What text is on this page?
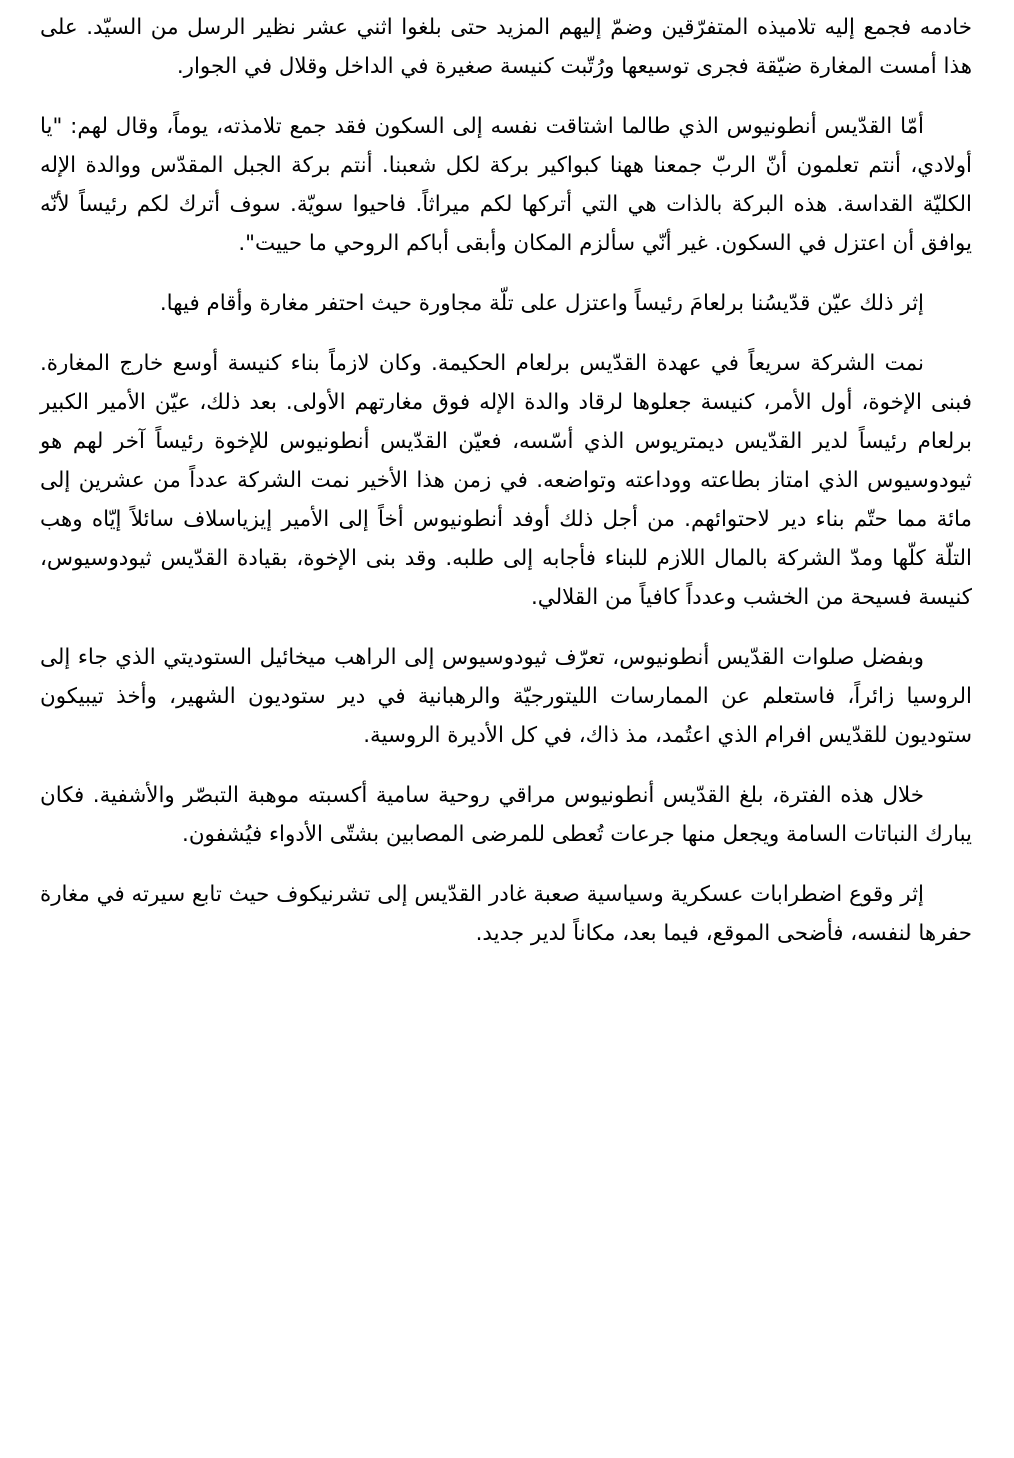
خادمه فجمع إليه تلاميذه المتفرّقين وضمّ إليهم المزيد حتى بلغوا اثني عشر نظير الرسل من السيّد. على هذا أمست المغارة ضيّقة فجرى توسيعها ورُتّبت كنيسة صغيرة في الداخل وقلال في الجوار.

أمّا القدّيس أنطونيوس الذي طالما اشتاقت نفسه إلى السكون فقد جمع تلامذته، يوماً، وقال لهم: "يا أولادي، أنتم تعلمون أنّ الربّ جمعنا ههنا كبواكير بركة لكل شعبنا. أنتم بركة الجبل المقدّس ووالدة الإله الكليّة القداسة. هذه البركة بالذات هي التي أتركها لكم ميراثاً. فاحيوا سويّة. سوف أترك لكم رئيساً لأنّه يوافق أن اعتزل في السكون. غير أنّي سألزم المكان وأبقى أباكم الروحي ما حييت".

إثر ذلك عيّن قدّيسُنا برلعامَ رئيساً واعتزل على تلّة مجاورة حيث احتفر مغارة وأقام فيها.

نمت الشركة سريعاً في عهدة القدّيس برلعام الحكيمة. وكان لازماً بناء كنيسة أوسع خارج المغارة. فبنى الإخوة، أول الأمر، كنيسة جعلوها لرقاد والدة الإله فوق مغارتهم الأولى. بعد ذلك، عيّن الأمير الكبير برلعام رئيساً لدير القدّيس ديمتريوس الذي أسّسه، فعيّن القدّيس أنطونيوس للإخوة رئيساً آخر لهم هو ثيودوسيوس الذي امتاز بطاعته ووداعته وتواضعه. في زمن هذا الأخير نمت الشركة عدداً من عشرين إلى مائة مما حتّم بناء دير لاحتوائهم. من أجل ذلك أوفد أنطونيوس أخاً إلى الأمير إيزياسلاف سائلاً إيّاه وهب التلّة كلّها ومدّ الشركة بالمال اللازم للبناء فأجابه إلى طلبه. وقد بنى الإخوة، بقيادة القدّيس ثيودوسيوس، كنيسة فسيحة من الخشب وعدداً كافياً من القلالي.

وبفضل صلوات القدّيس أنطونيوس، تعرّف ثيودوسيوس إلى الراهب ميخائيل الستوديتي الذي جاء إلى الروسيا زائراً، فاستعلم عن الممارسات الليتورجيّة والرهبانية في دير ستوديون الشهير، وأخذ تيبيكون ستوديون للقدّيس افرام الذي اعتُمد، مذ ذاك، في كل الأديرة الروسية.

خلال هذه الفترة، بلغ القدّيس أنطونيوس مراقي روحية سامية أكسبته موهبة التبصّر والأشفية. فكان يبارك النباتات السامة ويجعل منها جرعات تُعطى للمرضى المصابين بشتّى الأدواء فيُشفون.

إثر وقوع اضطرابات عسكرية وسياسية صعبة غادر القدّيس إلى تشرنيكوف حيث تابع سيرته في مغارة حفرها لنفسه، فأضحى الموقع، فيما بعد، مكاناً لدير جديد.
